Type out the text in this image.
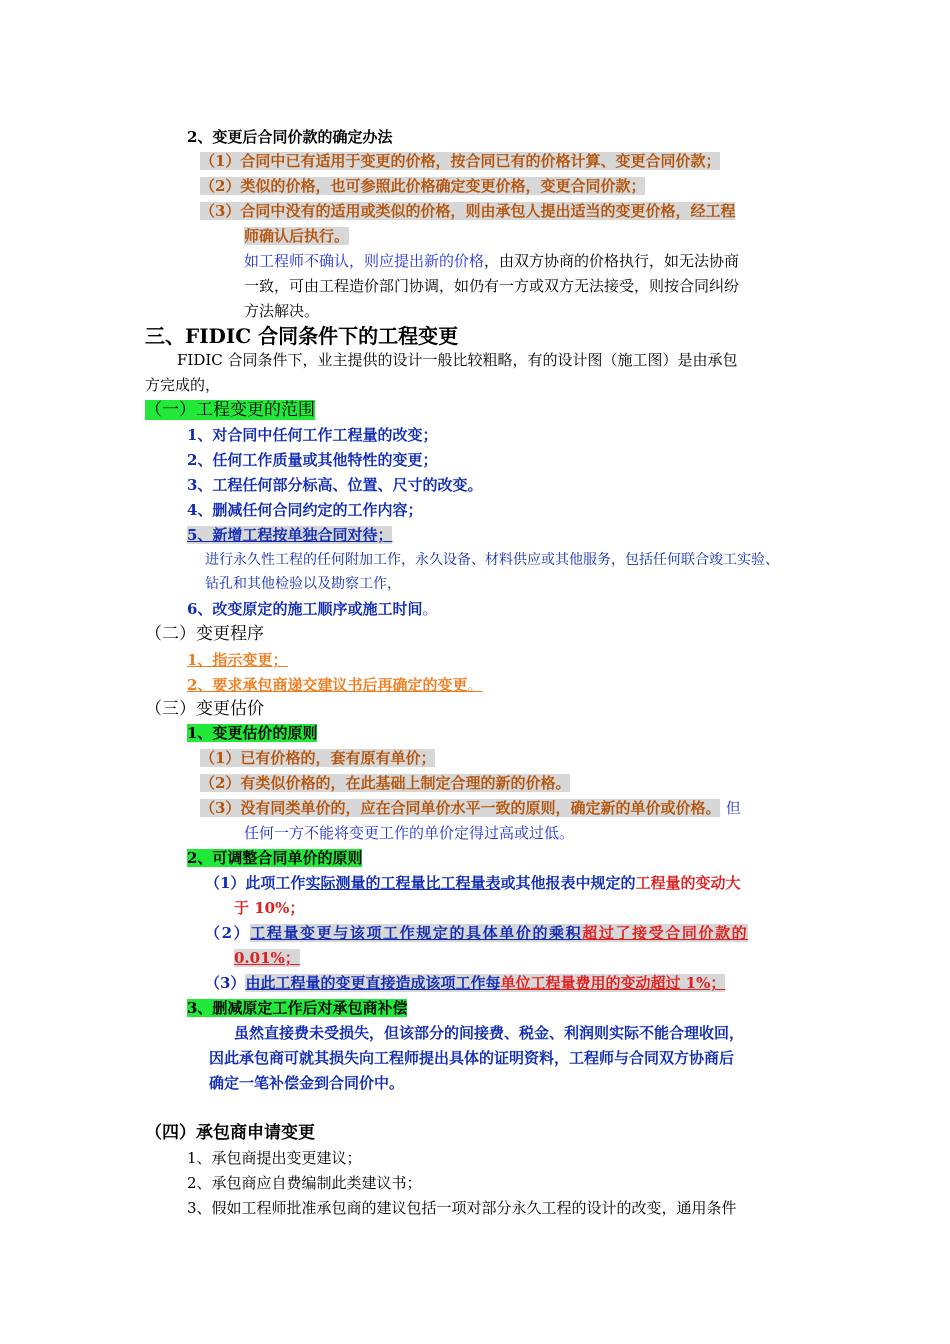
2、变更后合同价款的确定办法
（1）合同中已有适用于变更的价格，按合同已有的价格计算、变更合同价款；
（2）类似的价格，也可参照此价格确定变更价格，变更合同价款；
（3）合同中没有的适用或类似的价格，则由承包人提出适当的变更价格，经工程
师确认后执行。
如工程师不确认，则应提出新的价格，由双方协商的价格执行，如无法协商
一致，可由工程造价部门协调，如仍有一方或双方无法接受，则按合同纠纷
方法解决。
三、FIDIC 合同条件下的工程变更
FIDIC 合同条件下，业主提供的设计一般比较粗略，有的设计图（施工图）是由承包
方完成的，
（一）工程变更的范围
1、对合同中任何工作工程量的改变；
2、任何工作质量或其他特性的变更；
3、工程任何部分标高、位置、尺寸的改变。
4、删减任何合同约定的工作内容；
5、新增工程按单独合同对待；
进行永久性工程的任何附加工作，永久设备、材料供应或其他服务，包括任何联合竣工实验、
钻孔和其他检验以及勘察工作，
6、改变原定的施工顺序或施工时间。
（二）变更程序
1、指示变更；
2、要求承包商递交建议书后再确定的变更。
（三）变更估价
1、变更估价的原则
（1）已有价格的，套有原有单价；
（2）有类似价格的，在此基础上制定合理的新的价格。
（3）没有同类单价的，应在合同单价水平一致的原则，确定新的单价或价格。 但
任何一方不能将变更工作的单价定得过高或过低。
2、可调整合同单价的原则
（1）此项工作实际测量的工程量比工程量表或其他报表中规定的工程量的变动大
于 10%；
（2）工程量变更与该项工作规定的具体单价的乘积超过了接受合同价款的
0.01%；
（3）由此工程量的变更直接造成该项工作每单位工程量费用的变动超过 1%；
3、删减原定工作后对承包商补偿
虽然直接费未受损失，但该部分的间接费、税金、利润则实际不能合理收回，
因此承包商可就其损失向工程师提出具体的证明资料，工程师与合同双方协商后
确定一笔补偿金到合同价中。
（四）承包商申请变更
1、承包商提出变更建议；
2、承包商应自费编制此类建议书；
3、假如工程师批准承包商的建议包括一项对部分永久工程的设计的改变，通用条件
